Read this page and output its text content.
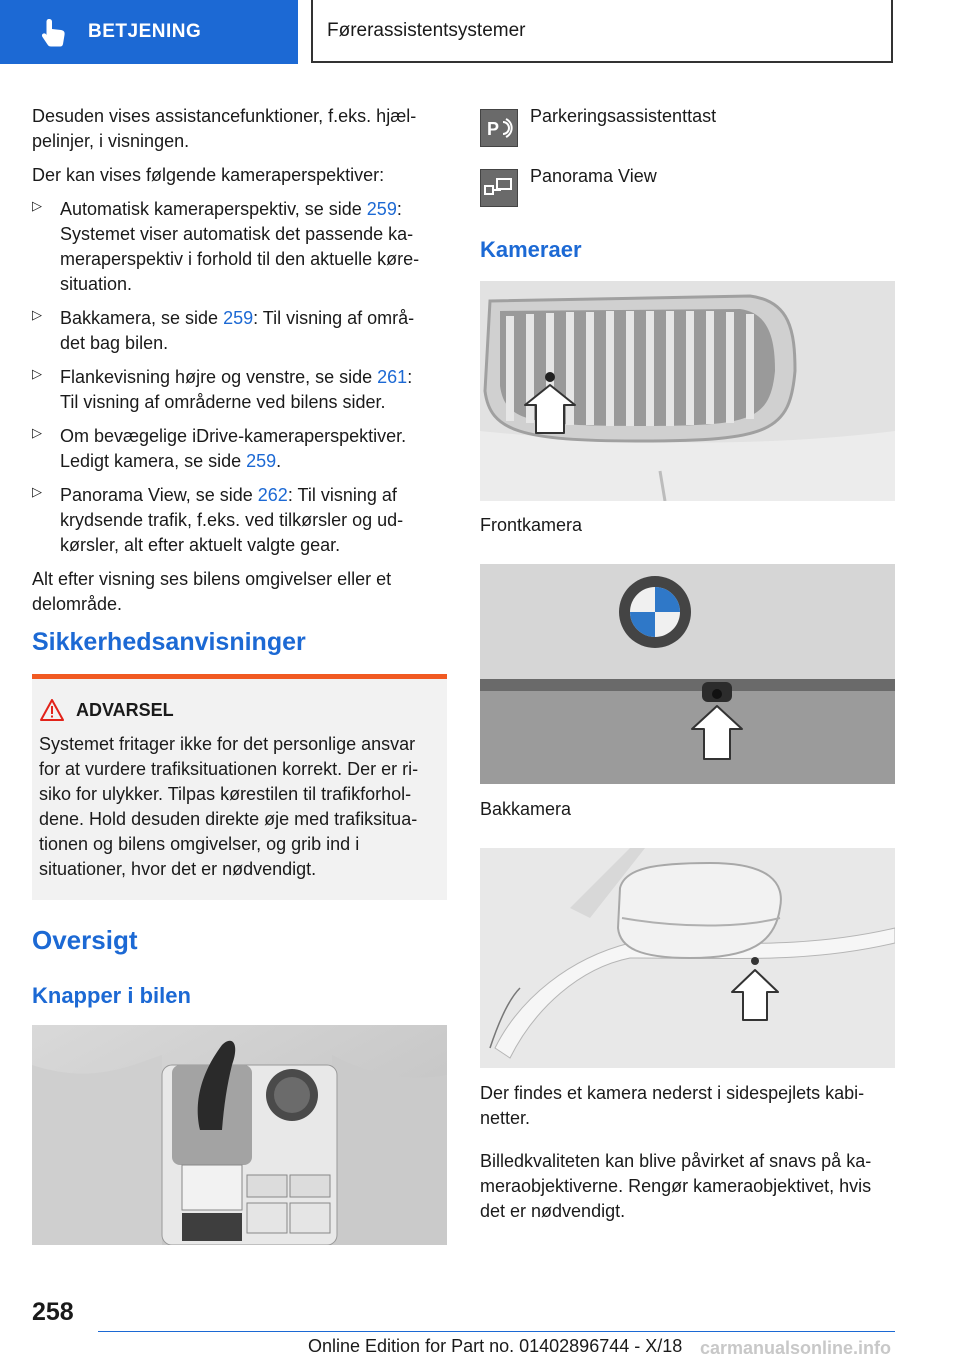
BETJENING	Førerassistentsystemer

Desuden vises assistancefunktioner, f.eks. hjæl-
pelinjer, i visningen.

Der kan vises følgende kameraperspektiver:

▷	Automatisk kameraperspektiv, se side 259:
Systemet viser automatisk det passende ka-
meraperspektiv i forhold til den aktuelle køre-
situation.

▷	Bakkamera, se side 259: Til visning af områ-
det bag bilen.

▷	Flankevisning højre og venstre, se side 261:
Til visning af områderne ved bilens sider.

▷	Om bevægelige iDrive-kameraperspektiver.
Ledigt kamera, se side 259.

▷	Panorama View, se side 262: Til visning af
krydsende trafik, f.eks. ved tilkørsler og ud-
kørsler, alt efter aktuelt valgte gear.

Alt efter visning ses bilens omgivelser eller et
delområde.

Sikkerhedsanvisninger
ADVARSEL

Systemet fritager ikke for det personlige ansvar
for at vurdere trafiksituationen korrekt. Der er ri-
siko for ulykker. Tilpas kørestilen til trafikforhol-
dene. Hold desuden direkte øje med trafiksitua-
tionen og bilens omgivelser, og grib ind i
situationer, hvor det er nødvendigt.

Oversigt
Knapper i bilen
P
Parkeringsassistenttast
Panorama View
Kameraer
Frontkamera
Bakkamera

Der findes et kamera nederst i sidespejlets kabi-
netter.

Billedkvaliteten kan blive påvirket af snavs på ka-
meraobjektiverne. Rengør kameraobjektivet, hvis
det er nødvendigt.

258
Online Edition for Part no. 01402896744 - X/18 carmanualsonline.info
